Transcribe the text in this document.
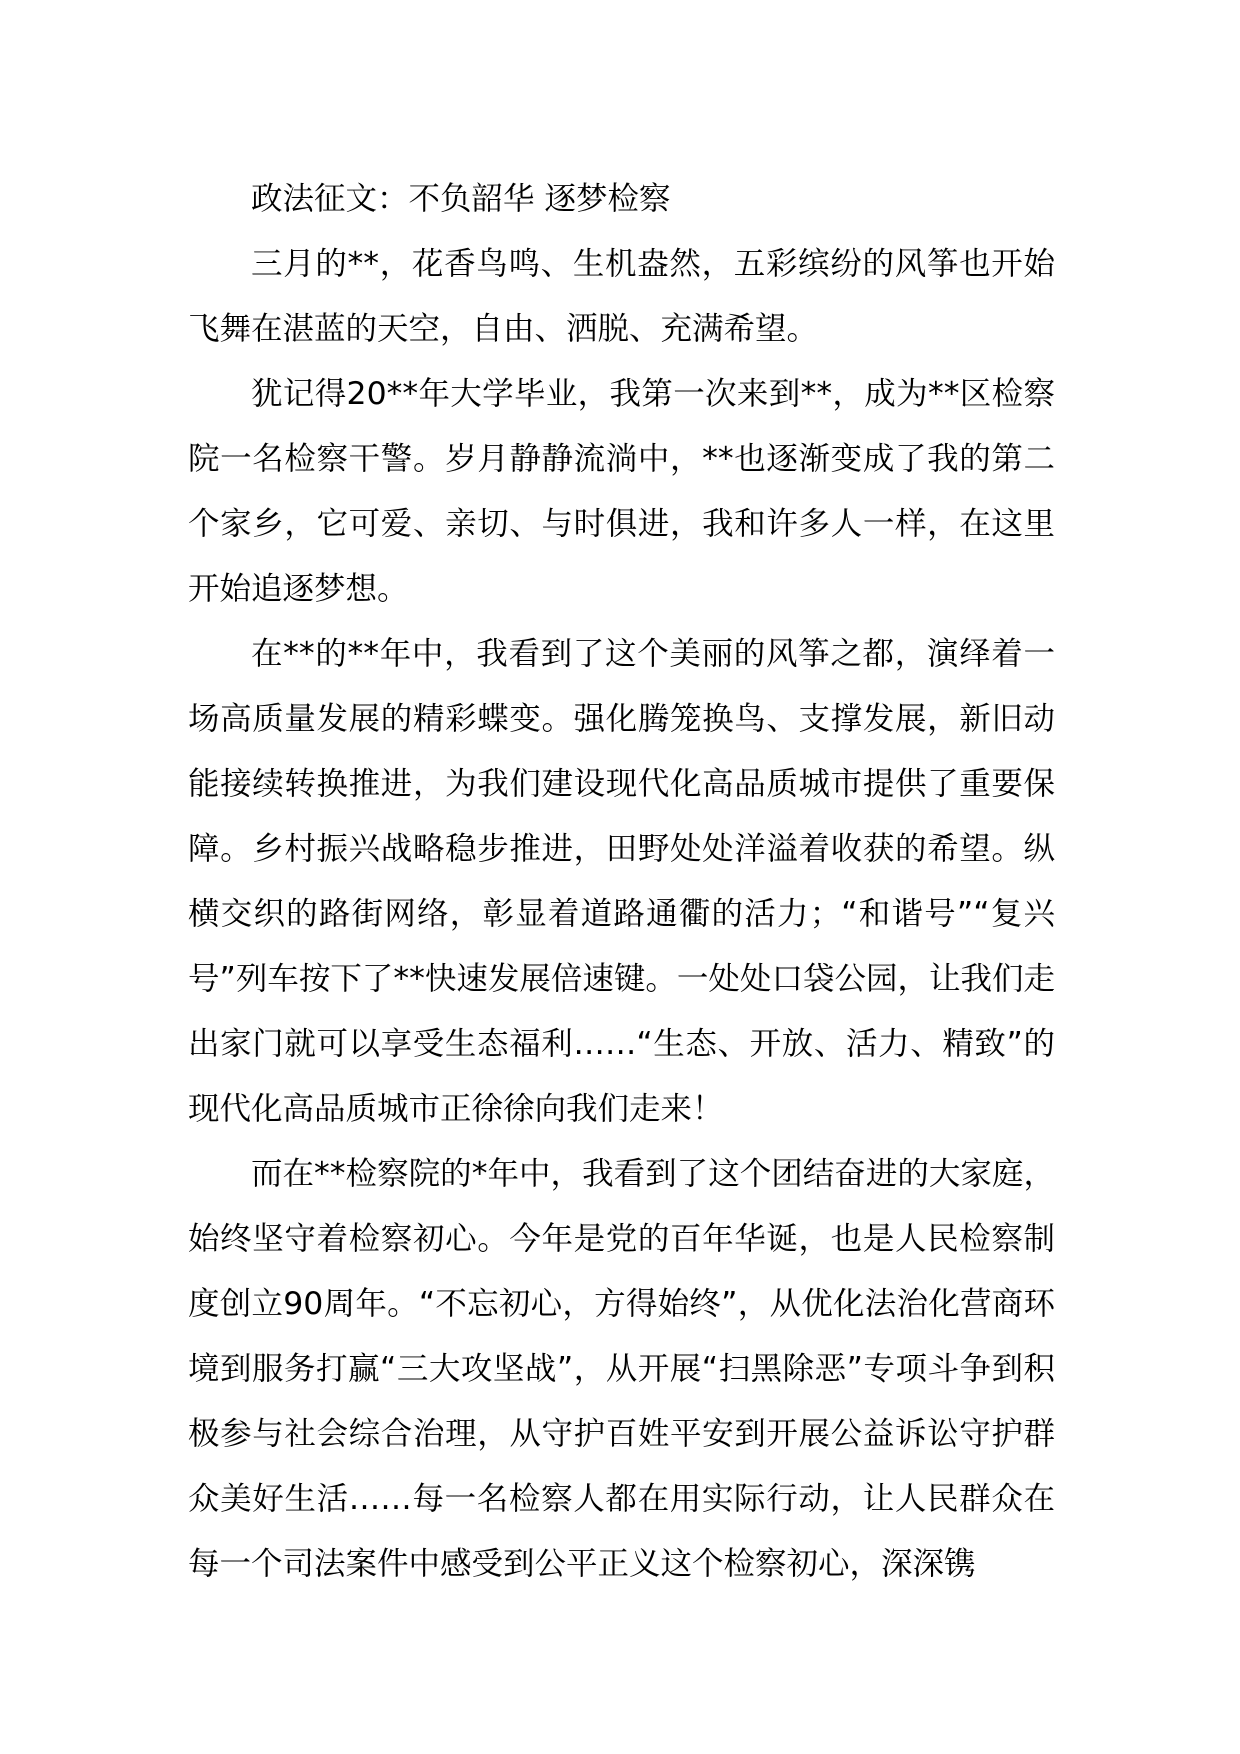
政法征文：不负韶华 逐梦检察

三月的**，花香鸟鸣、生机盎然，五彩缤纷的风筝也开始飞舞在湛蓝的天空，自由、洒脱、充满希望。

犹记得20**年大学毕业，我第一次来到**，成为**区检察院一名检察干警。岁月静静流淌中，**也逐渐变成了我的第二个家乡，它可爱、亲切、与时俱进，我和许多人一样，在这里开始追逐梦想。

在**的**年中，我看到了这个美丽的风筝之都，演绎着一场高质量发展的精彩蝶变。强化腾笼换鸟、支撑发展，新旧动能接续转换推进，为我们建设现代化高品质城市提供了重要保障。乡村振兴战略稳步推进，田野处处洋溢着收获的希望。纵横交织的路街网络，彰显着道路通衢的活力；“和谐号”“复兴号”列车按下了**快速发展倍速键。一处处口袋公园，让我们走出家门就可以享受生态福利……“生态、开放、活力、精致”的现代化高品质城市正徐徐向我们走来！

而在**检察院的*年中，我看到了这个团结奋进的大家庭，始终坚守着检察初心。今年是党的百年华诞，也是人民检察制度创立90周年。“不忘初心，方得始终”，从优化法治化营商环境到服务打赢“三大攻坚战”，从开展“扫黑除恶”专项斗争到积极参与社会综合治理，从守护百姓平安到开展公益诉讼守护群众美好生活……每一名检察人都在用实际行动，让人民群众在每一个司法案件中感受到公平正义这个检察初心，深深镌
